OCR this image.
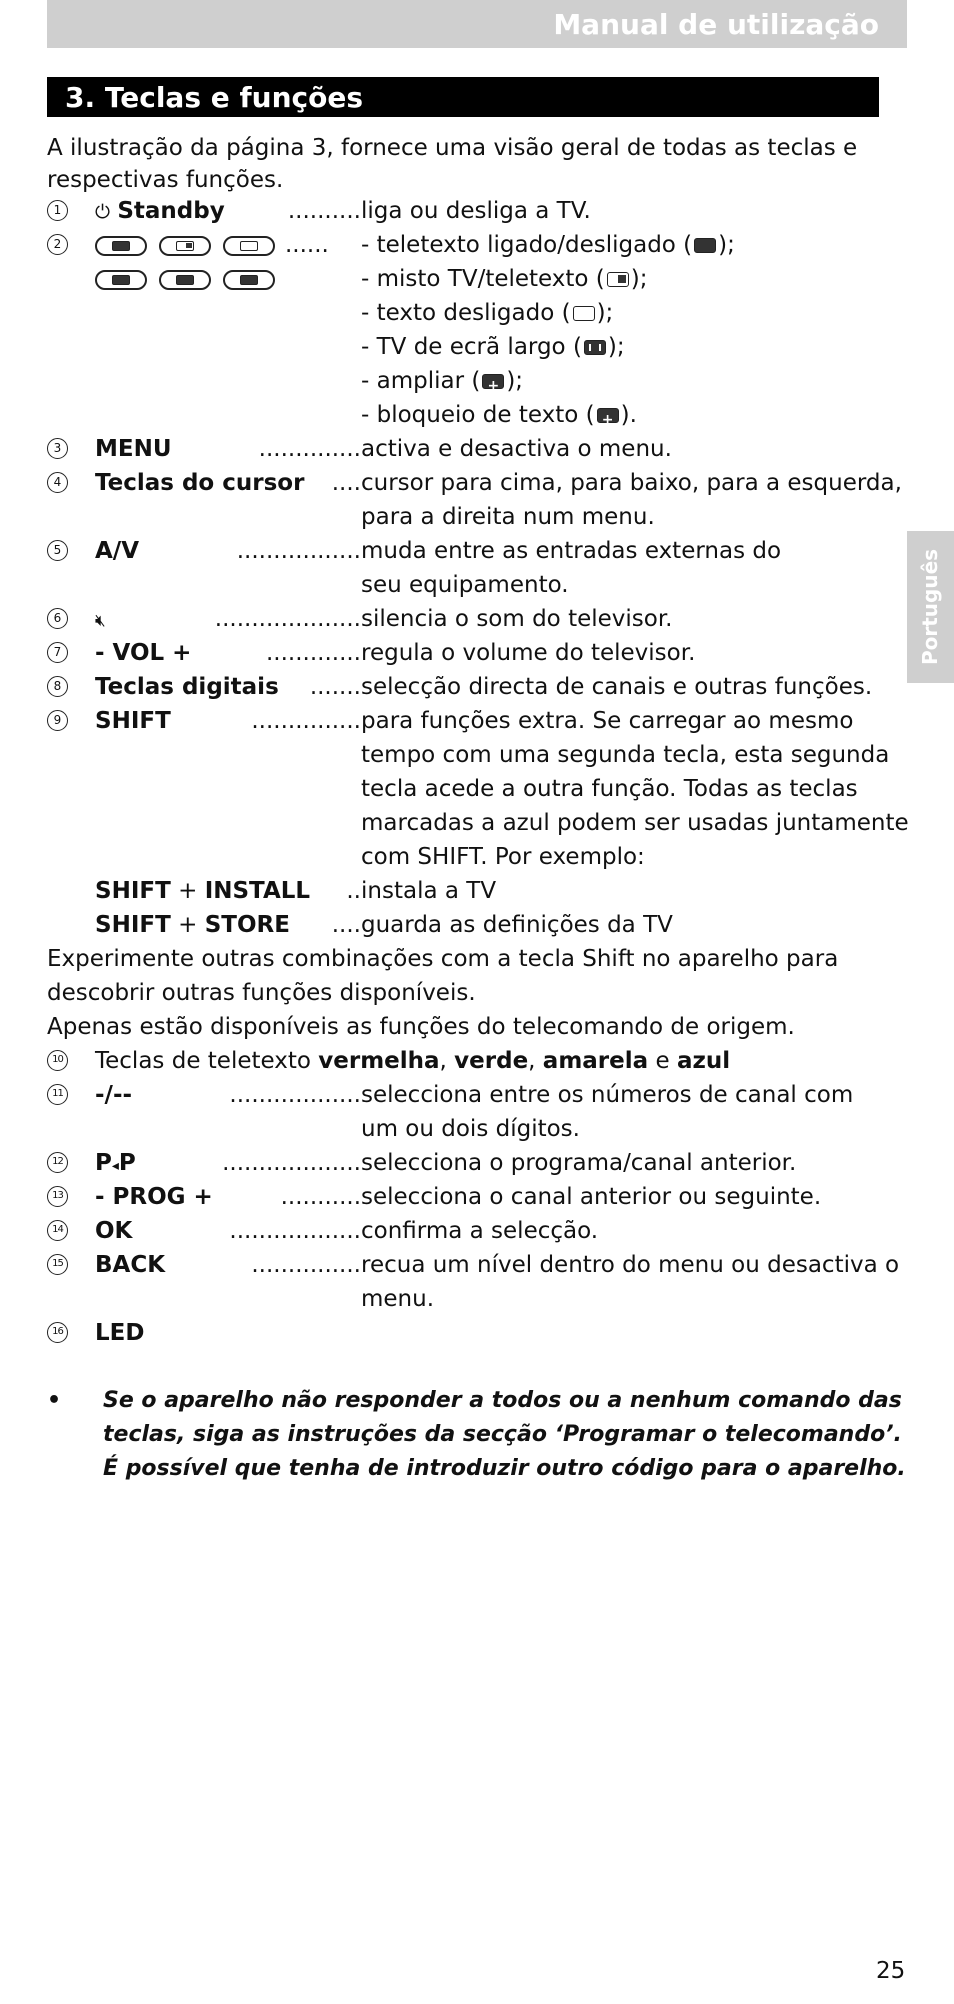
Manual de utilização
3. Teclas e funções
Português
A ilustração da página 3, fornece uma visão geral de todas as teclas e
respectivas funções.
1	⏻ Standby	.......... liga ou desliga a TV.
2	......	- teletexto ligado/desligado ( );
- misto TV/teletexto ( );
- texto desligado ( );
- TV de ecrã largo ( );
- ampliar ( + );
- bloqueio de texto ( + ).
3 MENU	.............. activa e desactiva o menu.
4 Teclas do cursor .... cursor para cima, para baixo, para a esquerda,
para a direita num menu.
5 A/V	................. muda entre as entradas externas do
seu equipamento.
6	🔇︎	.................... silencia o som do televisor.
7 - VOL +	............. regula o volume do televisor.
8 Teclas digitais ....... selecção directa de canais e outras funções.
9 SHIFT	............... para funções extra. Se carregar ao mesmo
tempo com uma segunda tecla, esta segunda
tecla acede a outra função. Todas as teclas
marcadas a azul podem ser usadas juntamente
com SHIFT. Por exemplo:
SHIFT + INSTALL .. instala a TV
SHIFT + STORE .... guarda as definições da TV
Experimente outras combinações com a tecla Shift no aparelho para
descobrir outras funções disponíveis.
Apenas estão disponíveis as funções do telecomando de origem.
10 Teclas de teletexto vermelha, verde, amarela e azul
11 -/--	.................. selecciona entre os números de canal com
um ou dois dígitos.
12 P◂P	................... selecciona o programa/canal anterior.
13 - PROG +	........... selecciona o canal anterior ou seguinte.
14 OK	.................. confirma a selecção.
15 BACK	............... recua um nível dentro do menu ou desactiva o
menu.
16 LED
• Se o aparelho não responder a todos ou a nenhum comando das
teclas, siga as instruções da secção ‘Programar o telecomando’.
É possível que tenha de introduzir outro código para o aparelho.
25
